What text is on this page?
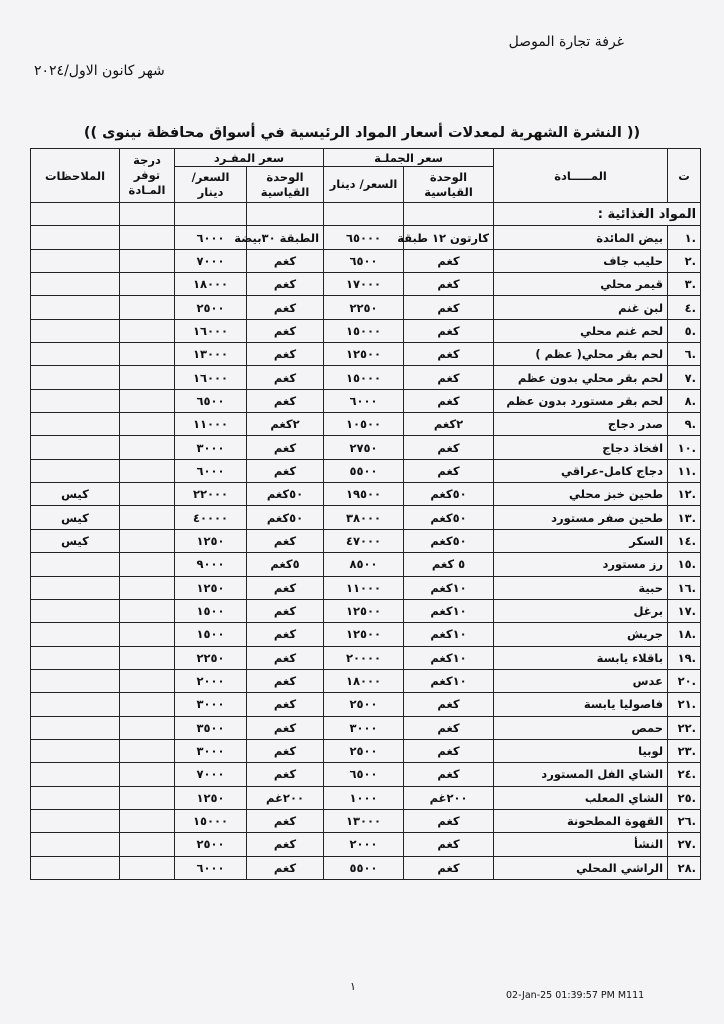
غرفة تجارة الموصل
شهر كانون الاول/٢٠٢٤
(( النشرة الشهرية لمعدلات أسعار المواد الرئيسية في أسواق محافظة نينوى ))
ت	المـــــادة	سعر الجملـة		سعر المفـرد		درجة توفر المـادة	الملاحظات
		الوحدة القياسية	السعر/ دينار	الوحدة القياسية	السعر/ دينار		
المواد الغذائية :							
.١	بيض المائدة	كارتون ١٢ طبقة	٦٥٠٠٠	الطبقة ٣٠بيضة	٦٠٠٠		
.٢	حليب جاف	كغم	٦٥٠٠	كغم	٧٠٠٠		
.٣	قيمر محلي	كغم	١٧٠٠٠	كغم	١٨٠٠٠		
.٤	لبن غنم	كغم	٢٢٥٠	كغم	٢٥٠٠		
.٥	لحم غنم محلي	كغم	١٥٠٠٠	كغم	١٦٠٠٠		
.٦	لحم بقر محلي( عظم )	كغم	١٢٥٠٠	كغم	١٣٠٠٠		
.٧	لحم بقر محلي بدون عظم	كغم	١٥٠٠٠	كغم	١٦٠٠٠		
.٨	لحم بقر مستورد بدون عظم	كغم	٦٠٠٠	كغم	٦٥٠٠		
.٩	صدر دجاج	٢كغم	١٠٥٠٠	٢كغم	١١٠٠٠		
.١٠	افخاذ دجاج	كغم	٢٧٥٠	كغم	٣٠٠٠		
.١١	دجاج كامل-عراقي	كغم	٥٥٠٠	كغم	٦٠٠٠		
.١٢	طحين خبز محلي	٥٠كغم	١٩٥٠٠	٥٠كغم	٢٢٠٠٠		كيس
.١٣	طحين صفر مستورد	٥٠كغم	٣٨٠٠٠	٥٠كغم	٤٠٠٠٠		كيس
.١٤	السكر	٥٠كغم	٤٧٠٠٠	كغم	١٢٥٠		كيس
.١٥	رز مستورد	٥ كغم	٨٥٠٠	٥كغم	٩٠٠٠		
.١٦	حبية	١٠كغم	١١٠٠٠	كغم	١٢٥٠		
.١٧	برغل	١٠كغم	١٢٥٠٠	كغم	١٥٠٠		
.١٨	جريش	١٠كغم	١٢٥٠٠	كغم	١٥٠٠		
.١٩	باقلاء يابسة	١٠كغم	٢٠٠٠٠	كغم	٢٢٥٠		
.٢٠	عدس	١٠كغم	١٨٠٠٠	كغم	٢٠٠٠		
.٢١	فاصوليا يابسة	كغم	٢٥٠٠	كغم	٣٠٠٠		
.٢٢	حمص	كغم	٣٠٠٠	كغم	٣٥٠٠		
.٢٣	لوبيا	كغم	٢٥٠٠	كغم	٣٠٠٠		
.٢٤	الشاي الفل المستورد	كغم	٦٥٠٠	كغم	٧٠٠٠		
.٢٥	الشاي المعلب	٢٠٠غم	١٠٠٠	٢٠٠غم	١٢٥٠		
.٢٦	القهوة المطحونة	كغم	١٣٠٠٠	كغم	١٥٠٠٠		
.٢٧	النشأ	كغم	٢٠٠٠	كغم	٢٥٠٠		
.٢٨	الراشي المحلي	كغم	٥٥٠٠	كغم	٦٠٠٠		
١
02-Jan-25 01:39:57 PM M111
